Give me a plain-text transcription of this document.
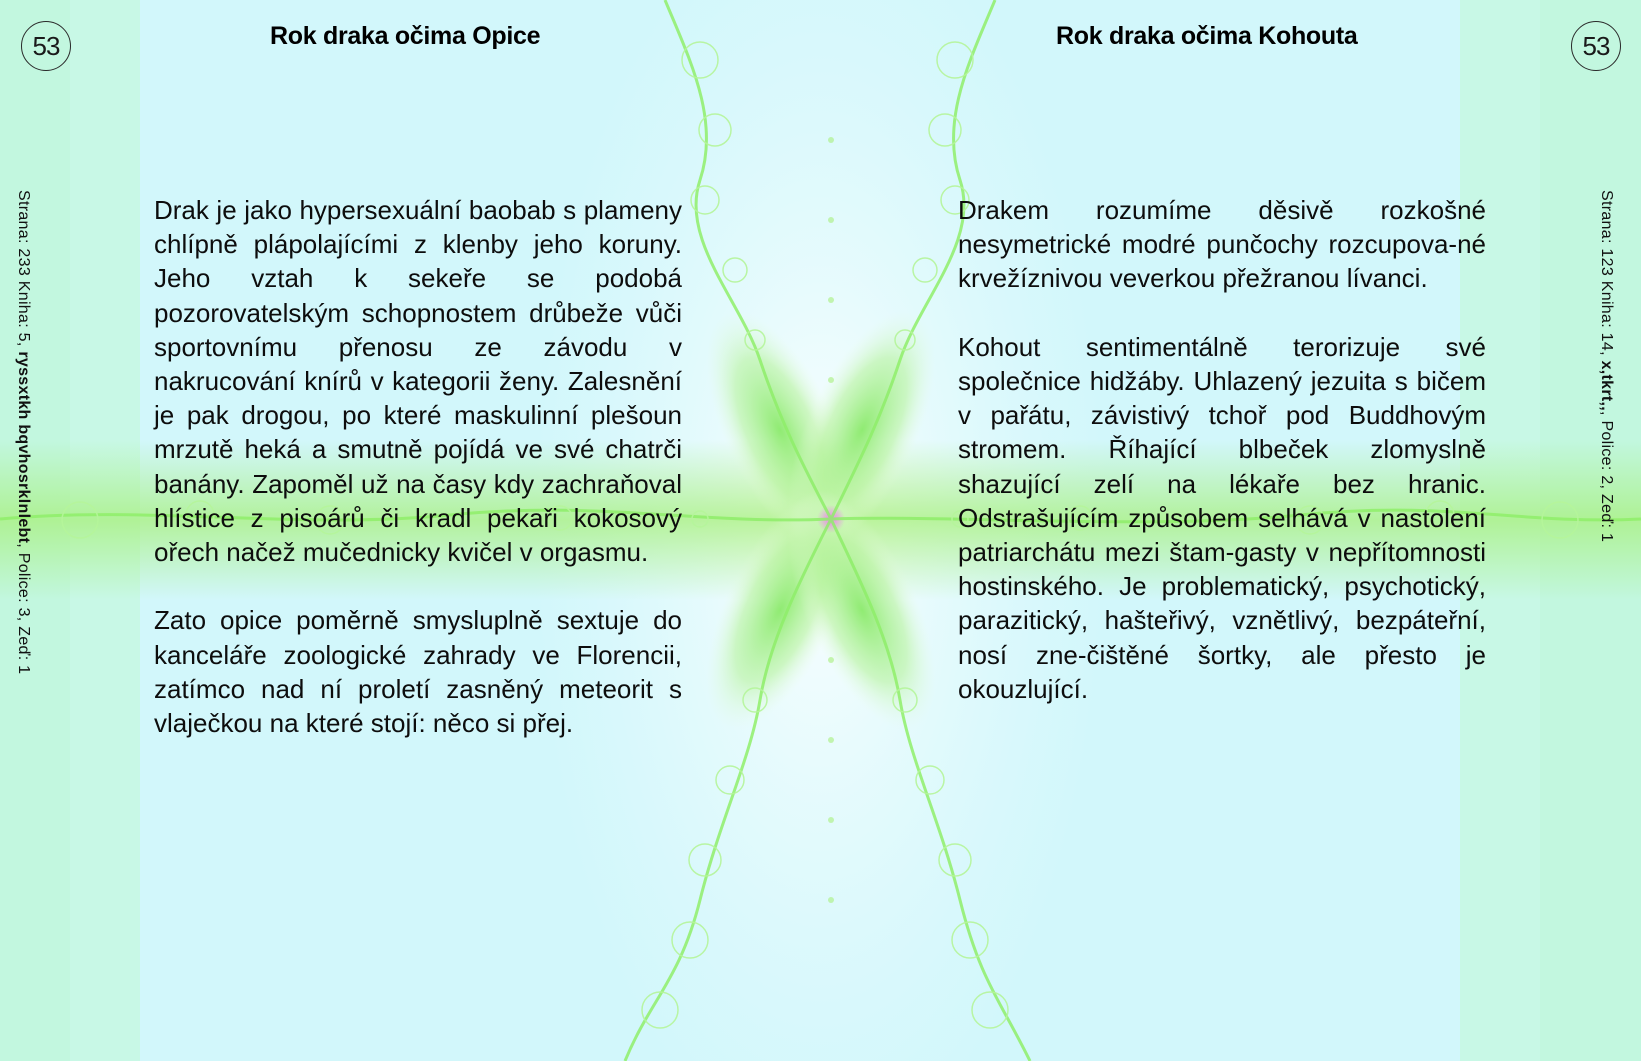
53	Rok draka očima Opice
Strana: 233 Kniha: 5, ryssxtkh bqvhosrklnlebt, Police: 3, Zeď: 1

Drak je jako hypersexuální baobab s plameny chlípně plápolajícími z klenby jeho koruny. Jeho vztah k sekeře se podobá pozorovatelským schopnostem drůbeže vůči sportovnímu přenosu ze závodu v nakrucování knírů v kategorii ženy. Zalesnění je pak drogou, po které maskulinní plešoun mrzutě heká a smutně pojídá ve své chatrči banány. Zapoměl už na časy kdy zachraňoval hlístice z pisoárů či kradl pekaři kokosový ořech načež mučednicky kvičel v orgasmu.

Zato opice poměrně smysluplně sextuje do kanceláře zoologické zahrady ve Florencii, zatímco nad ní proletí zasněný meteorit s vlaječkou na které stojí: něco si přej.

53
Rok draka očima Kohouta
Strana: 123 Kniha: 14, x,tkrt,,, Police: 2, Zeď: 1

Drakem rozumíme děsivě rozkošné nesymetrické modré punčochy rozcupova-né krvežíznivou veverkou přežranou lívanci.

Kohout sentimentálně terorizuje své společnice hidžáby. Uhlazený jezuita s bičem v pařátu, závistivý tchoř pod Buddhovým stromem. Říhající blbeček zlomyslně shazující zelí na lékaře bez hranic. Odstrašujícím způsobem selhává v nastolení patriarchátu mezi štam-gasty v nepřítomnosti hostinského. Je problematický, psychotický, parazitický, hašteřivý, vznětlivý, bezpáteřní, nosí zne-čištěné šortky, ale přesto je okouzlující.
